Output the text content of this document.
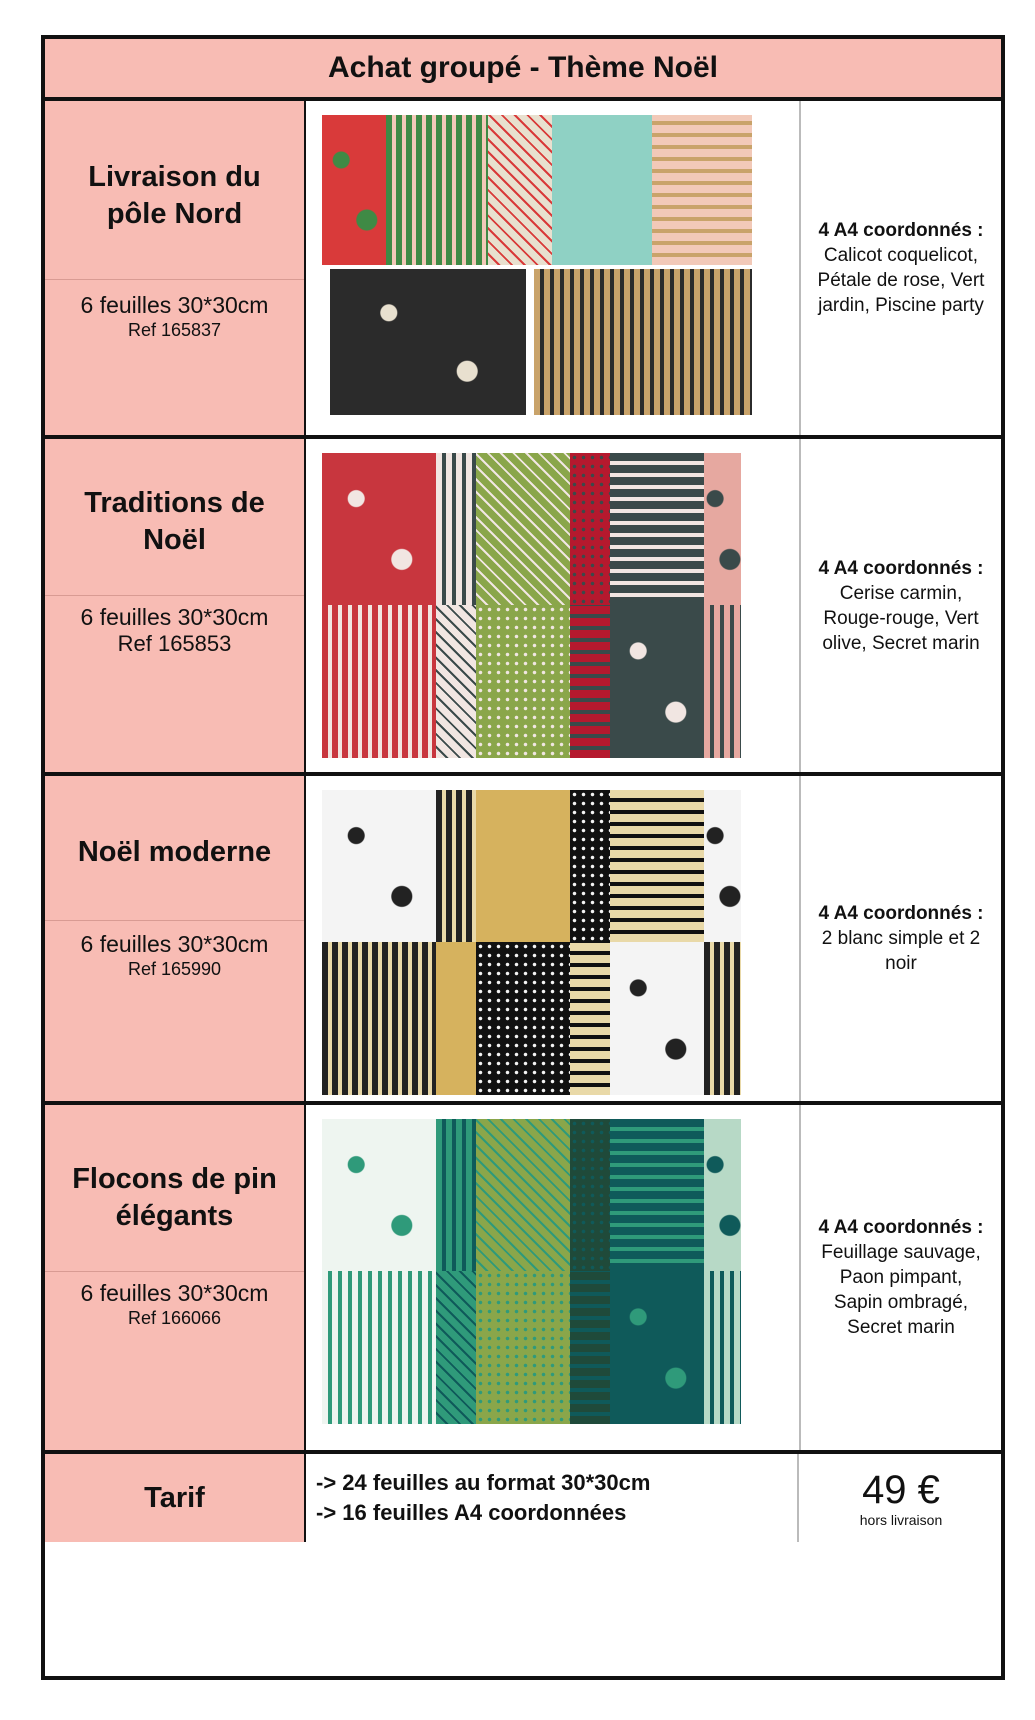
Achat groupé - Thème Noël
Livraison du
pôle Nord
6 feuilles 30*30cm
Ref 165837
4 A4 coordonnés :
Calicot coquelicot,
Pétale de rose, Vert
jardin, Piscine party
Traditions de
Noël
6 feuilles 30*30cm
Ref 165853
4 A4 coordonnés :
Cerise carmin,
Rouge-rouge, Vert
olive, Secret marin
Noël moderne
6 feuilles 30*30cm
Ref 165990
4 A4 coordonnés :
2 blanc simple et 2
noir
Flocons de pin
élégants
6 feuilles 30*30cm
Ref 166066
4 A4 coordonnés :
Feuillage sauvage,
Paon pimpant,
Sapin ombragé,
Secret marin
Tarif	-> 24 feuilles au format 30*30cm
-> 16 feuilles A4 coordonnées
49 €
hors livraison
